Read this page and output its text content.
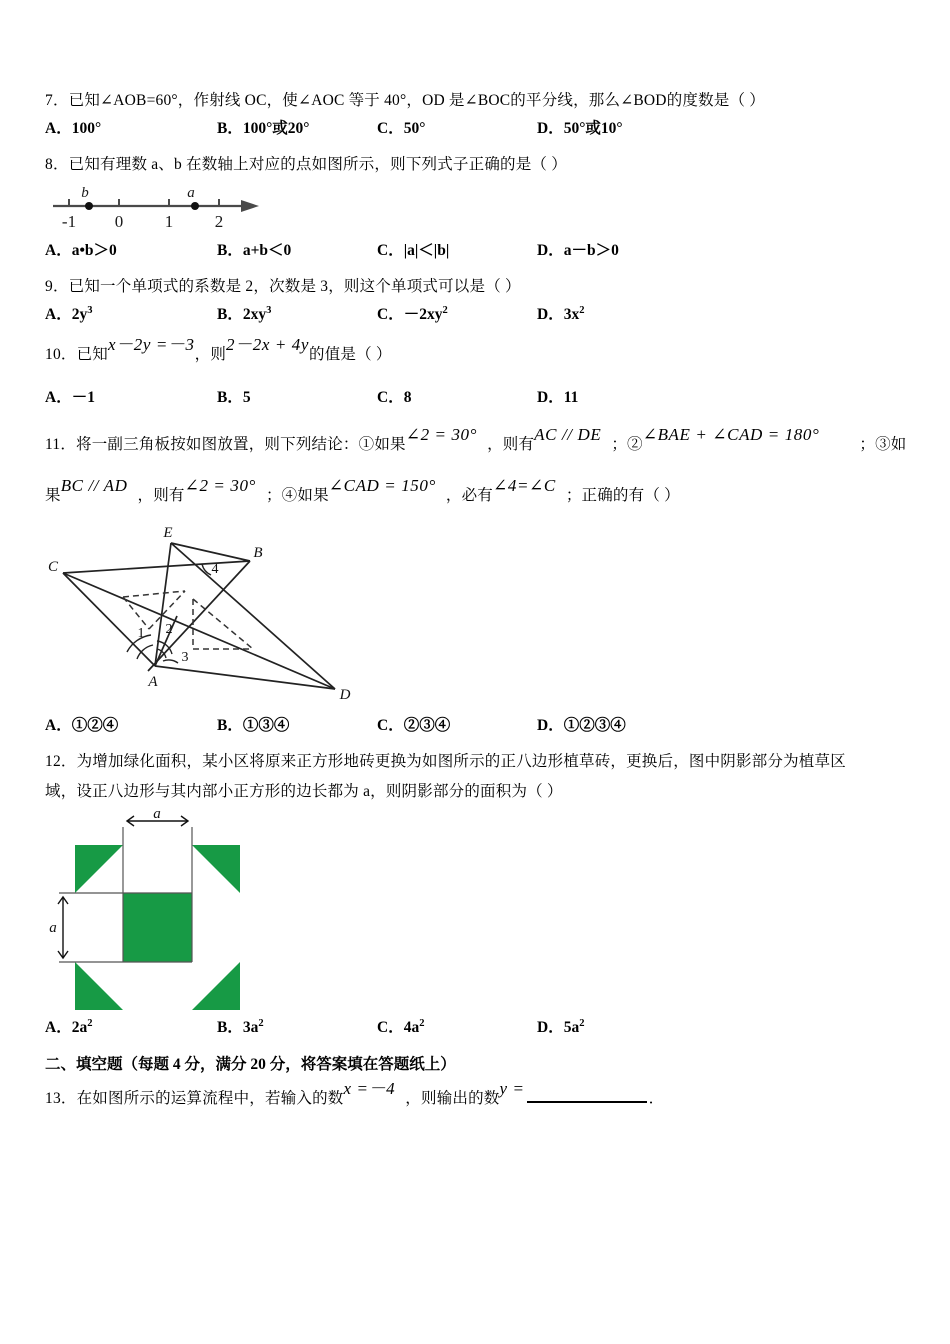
7．已知∠AOB=60°，作射线 OC，使∠AOC 等于 40°，OD 是∠BOC的平分线，那么∠BOD的度数是（ ）
A．100°	B．100°或20°	C．50°	D．50°或10°
8．已知有理数 a、b 在数轴上对应的点如图所示，则下列式子正确的是（ ）
-1 0 1 2
b	a
A．a•b＞0	B．a+b＜0	C．|a|＜|b|	D．a－b＞0
9．已知一个单项式的系数是 2，次数是 3，则这个单项式可以是（ ）
A．$2y^3$	B．$2xy^3$	C．$-2xy^2$	D．$3x^2$
10．已知x－2y =－3，则2－2x + 4y的值是（ ）
A．－1	B．5	C．8	D．11
11．将一副三角板按如图放置，则下列结论：①如果∠2 = 30°，则有AC // DE；②∠BAE + ∠CAD = 180°；③如
果BC // AD，则有∠2 = 30°；④如果∠CAD = 150°，必有∠4=∠C；正确的有（ ）
E
B
C
A
D
1 2
3
4
A．①②④	B．①③④	C．②③④	D．①②③④
12．为增加绿化面积，某小区将原来正方形地砖更换为如图所示的正八边形植草砖，更换后，图中阴影部分为植草区
域，设正八边形与其内部小正方形的边长都为 a，则阴影部分的面积为（ ）
a
a
A．$2a^2$	B．$3a^2$	C．$4a^2$	D．$5a^2$
二、填空题（每题 4 分，满分 20 分，将答案填在答题纸上）
13．在如图所示的运算流程中，若输入的数x =－4，则输出的数y =．
